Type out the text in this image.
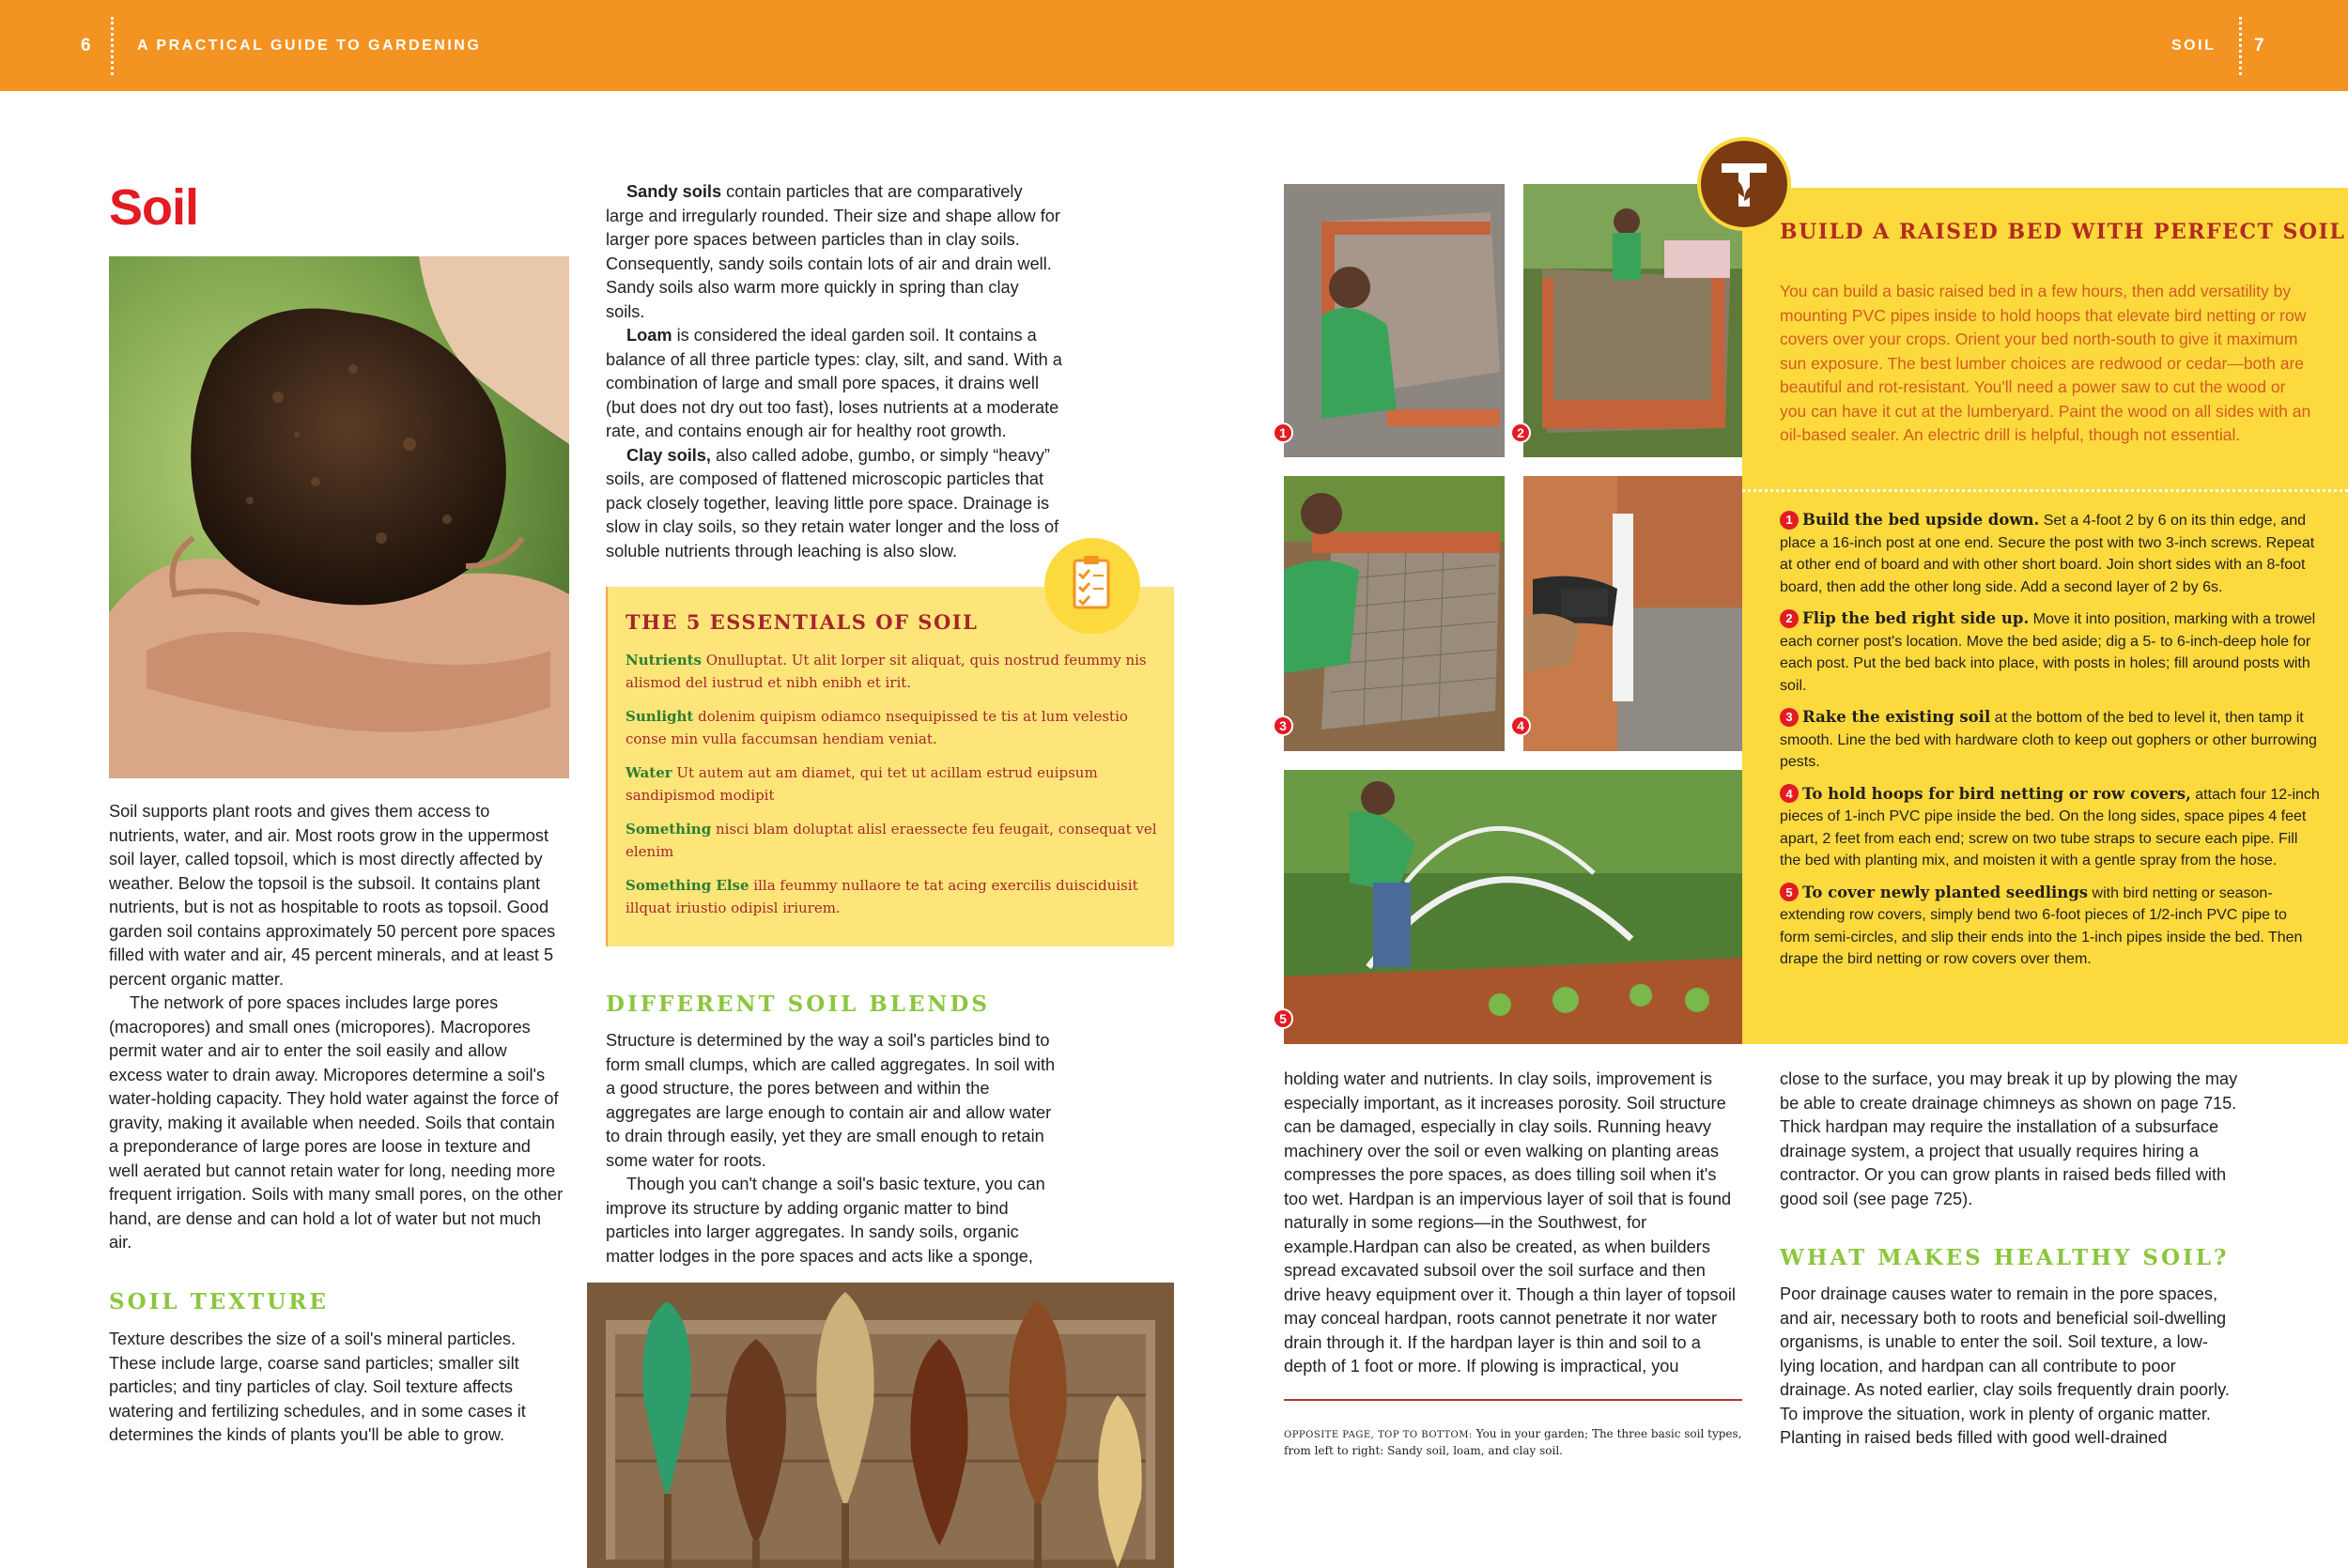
6	A PRACTICAL GUIDE TO GARDENING	SOIL 7
Soil

Soil supports plant roots and gives them access to nutrients, water, and air. Most roots grow in the uppermost soil layer, called topsoil, which is most directly affected by weather. Below the topsoil is the subsoil. It contains plant nutrients, but is not as hospitable to roots as topsoil. Good garden soil contains approximately 50 percent pore spaces filled with water and air, 45 percent minerals, and at least 5 percent organic matter.

The network of pore spaces includes large pores (macropores) and small ones (micropores). Macropores permit water and air to enter the soil easily and allow excess water to drain away. Micropores determine a soil's water-holding capacity. They hold water against the force of gravity, making it available when needed. Soils that contain a preponderance of large pores are loose in texture and well aerated but cannot retain water for long, needing more frequent irrigation. Soils with many small pores, on the other hand, are dense and can hold a lot of water but not much air.

SOIL TEXTURE

Texture describes the size of a soil's mineral particles. These include large, coarse sand particles; smaller silt particles; and tiny particles of clay. Soil texture affects watering and fertilizing schedules, and in some cases it determines the kinds of plants you'll be able to grow.

Sandy soils contain particles that are comparatively large and irregularly rounded. Their size and shape allow for larger pore spaces between particles than in clay soils. Consequently, sandy soils contain lots of air and drain well. Sandy soils also warm more quickly in spring than clay soils.

Loam is considered the ideal garden soil. It contains a balance of all three particle types: clay, silt, and sand. With a combination of large and small pore spaces, it drains well (but does not dry out too fast), loses nutrients at a moderate rate, and contains enough air for healthy root growth.

Clay soils, also called adobe, gumbo, or simply “heavy” soils, are composed of flattened microscopic particles that pack closely together, leaving little pore space. Drainage is slow in clay soils, so they retain water longer and the loss of soluble nutrients through leaching is also slow.

THE 5 ESSENTIALS OF SOIL
Nutrients Onulluptat. Ut alit lorper sit aliquat, quis nostrud feummy nis alismod del iustrud et nibh enibh et irit.
Sunlight dolenim quipism odiamco nsequipissed te tis at lum velestio conse min vulla faccumsan hendiam veniat.
Water Ut autem aut am diamet, qui tet ut acillam estrud euipsum sandipismod modipit
Something nisci blam doluptat alisl eraessecte feu feugait, consequat vel elenim
Something Else illa feummy nullaore te tat acing exercilis duisciduisit illquat iriustio odipisl iriurem.
DIFFERENT SOIL BLENDS

Structure is determined by the way a soil's particles bind to form small clumps, which are called aggregates. In soil with a good structure, the pores between and within the aggregates are large enough to contain air and allow water to drain through easily, yet they are small enough to retain some water for roots.

Though you can't change a soil's basic texture, you can improve its structure by adding organic matter to bind particles into larger aggregates. In sandy soils, organic matter lodges in the pore spaces and acts like a sponge,

1	2
3	4
5
BUILD A RAISED BED WITH PERFECT SOIL
You can build a basic raised bed in a few hours, then add versatility by mounting PVC pipes inside to hold hoops that elevate bird netting or row covers over your crops. Orient your bed north-south to give it maximum sun exposure. The best lumber choices are redwood or cedar—both are beautiful and rot-resistant. You'll need a power saw to cut the wood or you can have it cut at the lumberyard. Paint the wood on all sides with an oil-based sealer. An electric drill is helpful, though not essential.
1 Build the bed upside down. Set a 4-foot 2 by 6 on its thin edge, and place a 16-inch post at one end. Secure the post with two 3-inch screws. Repeat at other end of board and with other short board. Join short sides with an 8-foot board, then add the other long side. Add a second layer of 2 by 6s.
2 Flip the bed right side up. Move it into position, marking with a trowel each corner post's location. Move the bed aside; dig a 5- to 6-inch-deep hole for each post. Put the bed back into place, with posts in holes; fill around posts with soil.
3 Rake the existing soil at the bottom of the bed to level it, then tamp it smooth. Line the bed with hardware cloth to keep out gophers or other burrowing pests.
4 To hold hoops for bird netting or row covers, attach four 12-inch pieces of 1-inch PVC pipe inside the bed. On the long sides, space pipes 4 feet apart, 2 feet from each end; screw on two tube straps to secure each pipe. Fill the bed with planting mix, and moisten it with a gentle spray from the hose.
5 To cover newly planted seedlings with bird netting or season-extending row covers, simply bend two 6-foot pieces of 1/2-inch PVC pipe to form semi-circles, and slip their ends into the 1-inch pipes inside the bed. Then drape the bird netting or row covers over them.

holding water and nutrients. In clay soils, improvement is especially important, as it increases porosity. Soil structure can be damaged, especially in clay soils. Running heavy machinery over the soil or even walking on planting areas compresses the pore spaces, as does tilling soil when it's too wet. Hardpan is an impervious layer of soil that is found naturally in some regions—in the Southwest, for example.Hardpan can also be created, as when builders spread excavated subsoil over the soil surface and then drive heavy equipment over it. Though a thin layer of topsoil may conceal hardpan, roots cannot penetrate it nor water drain through it. If the hardpan layer is thin and soil to a depth of 1 foot or more. If plowing is impractical, you

OPPOSITE PAGE, TOP TO BOTTOM: You in your garden; The three basic soil types, from left to right: Sandy soil, loam, and clay soil.

close to the surface, you may break it up by plowing the may be able to create drainage chimneys as shown on page 715. Thick hardpan may require the installation of a subsurface drainage system, a project that usually requires hiring a contractor. Or you can grow plants in raised beds filled with good soil (see page 725).

WHAT MAKES HEALTHY SOIL?

Poor drainage causes water to remain in the pore spaces, and air, necessary both to roots and beneficial soil-dwelling organisms, is unable to enter the soil. Soil texture, a low-lying location, and hardpan can all contribute to poor drainage. As noted earlier, clay soils frequently drain poorly. To improve the situation, work in plenty of organic matter. Planting in raised beds filled with good well-drained
